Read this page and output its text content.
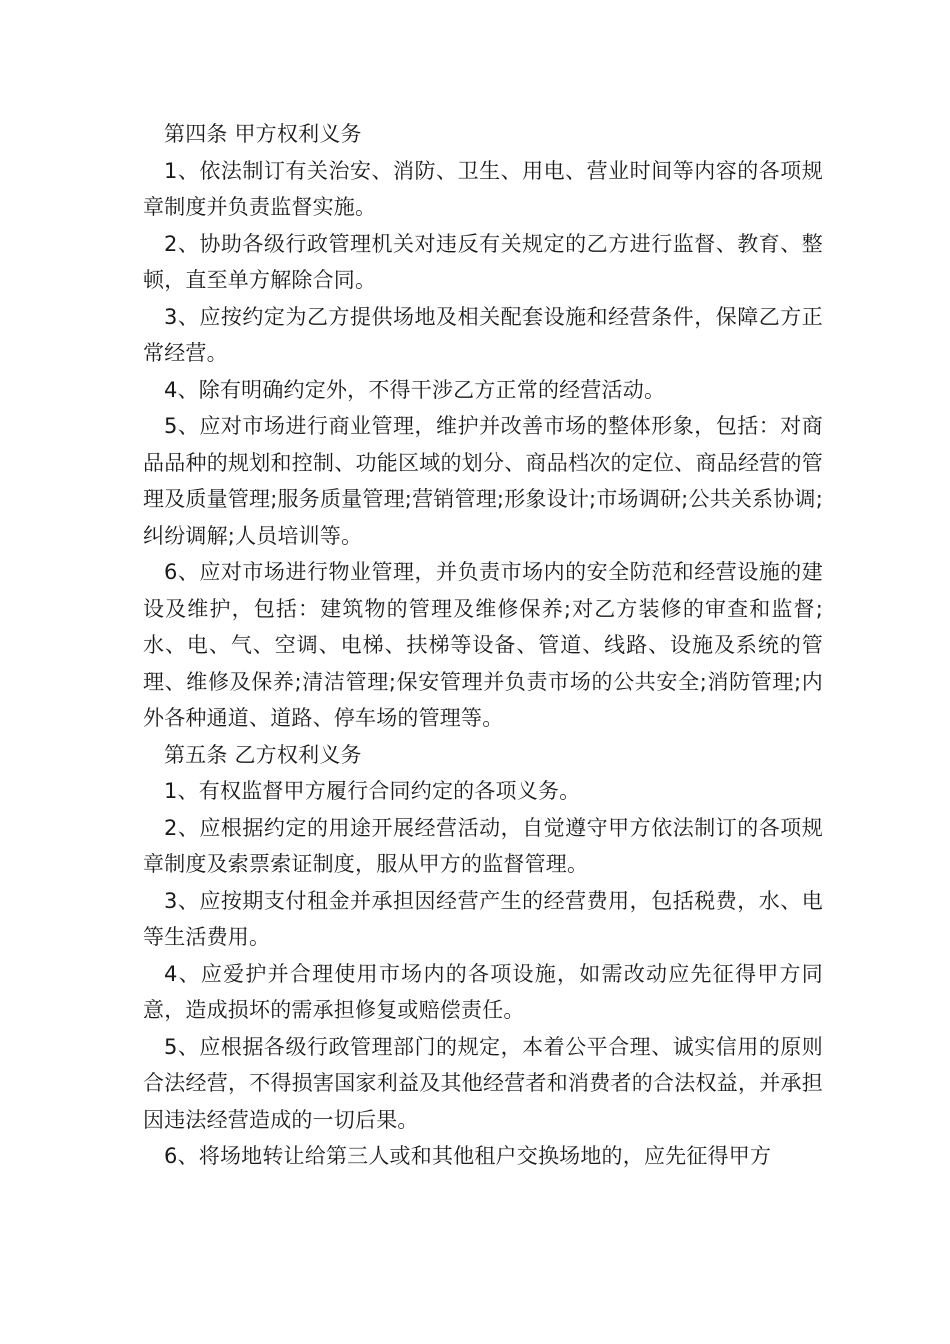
第四条 甲方权利义务

1、依法制订有关治安、消防、卫生、用电、营业时间等内容的各项规章制度并负责监督实施。

2、协助各级行政管理机关对违反有关规定的乙方进行监督、教育、整顿，直至单方解除合同。

3、应按约定为乙方提供场地及相关配套设施和经营条件，保障乙方正常经营。

4、除有明确约定外，不得干涉乙方正常的经营活动。

5、应对市场进行商业管理，维护并改善市场的整体形象，包括：对商品品种的规划和控制、功能区域的划分、商品档次的定位、商品经营的管理及质量管理;服务质量管理;营销管理;形象设计;市场调研;公共关系协调;纠纷调解;人员培训等。

6、应对市场进行物业管理，并负责市场内的安全防范和经营设施的建设及维护，包括：建筑物的管理及维修保养;对乙方装修的审查和监督;水、电、气、空调、电梯、扶梯等设备、管道、线路、设施及系统的管理、维修及保养;清洁管理;保安管理并负责市场的公共安全;消防管理;内外各种通道、道路、停车场的管理等。

第五条 乙方权利义务

1、有权监督甲方履行合同约定的各项义务。

2、应根据约定的用途开展经营活动，自觉遵守甲方依法制订的各项规章制度及索票索证制度，服从甲方的监督管理。

3、应按期支付租金并承担因经营产生的经营费用，包括税费，水、电等生活费用。

4、应爱护并合理使用市场内的各项设施，如需改动应先征得甲方同意，造成损坏的需承担修复或赔偿责任。

5、应根据各级行政管理部门的规定，本着公平合理、诚实信用的原则合法经营，不得损害国家利益及其他经营者和消费者的合法权益，并承担因违法经营造成的一切后果。

6、将场地转让给第三人或和其他租户交换场地的，应先征得甲方
